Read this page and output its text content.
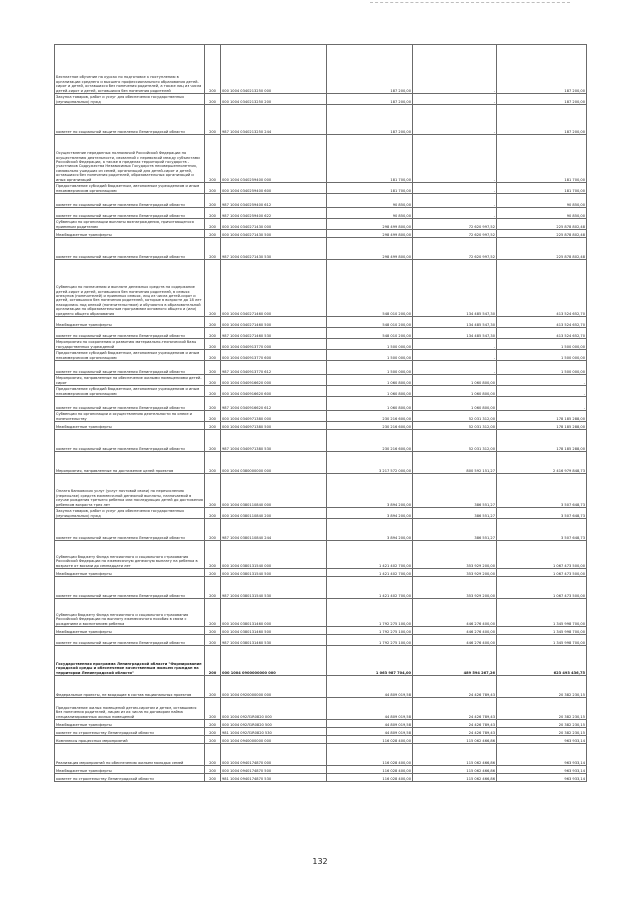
Бесплатное обучение на курсах по подготовке к поступлению в организации среднего и высшего профессионального образования детей-сирот и детей, оставшихся без попечения родителей, а также лиц из числа детей-сирот и детей, оставшихся без попечения родителей	200	000 1004 0340213250 000	187 200,00	-	187 200,00
Закупка товаров, работ и услуг для обеспечения государственных (муниципальных) нужд	200	000 1004 0340213250 200	187 200,00	-	187 200,00
комитет по социальной защите населения Ленинградской области	200	987 1004 0340213250 244	187 200,00	-	187 200,00
Осуществление переданных полномочий Российской Федерации по осуществлению деятельности, связанной с перевозкой между субъектами Российской Федерации, а также в пределах территорий государств - участников Содружества Независимых Государств несовершеннолетних, самовольно ушедших из семей, организаций для детей-сирот и детей, оставшихся без попечения родителей, образовательных организаций и иных организаций	200	000 1004 0340259400 000	181 700,00	-	181 700,00
Предоставление субсидий бюджетным, автономным учреждениям и иным некоммерческим организациям	200	000 1004 0340259400 600	181 700,00	-	181 700,00
комитет по социальной защите населения Ленинградской области	200	987 1004 0340259400 612	90 850,00	-	90 850,00
комитет по социальной защите населения Ленинградской области	200	987 1004 0340259400 622	90 850,00	-	90 850,00
Субвенции по организации выплаты вознаграждения, причитающегося приемным родителям	200	000 1004 0340271430 000	298 499 800,00	72 620 997,52	225 878 802,48
Межбюджетные трансферты	200	000 1004 0340271430 500	298 499 800,00	72 620 997,52	225 878 802,48
комитет по социальной защите населения Ленинградской области	200	987 1004 0340271430 530	298 499 800,00	72 620 997,52	225 878 802,48
Субвенции по назначению и выплате денежных средств на содержание детей-сирот и детей, оставшихся без попечения родителей, в семьях опекунов (попечителей) и приемных семьях, лиц из числа детей-сирот и детей, оставшихся без попечения родителей, которые в возрасте до 18 лет находились под опекой (попечительством) и обучаются в образовательной организации по образовательным программам основного общего и (или) среднего общего образования	200	000 1004 0340271460 000	548 010 200,00	134 485 547,30	413 524 652,70
Межбюджетные трансферты	200	000 1004 0340271460 500	548 010 200,00	134 485 547,30	413 524 652,70
комитет по социальной защите населения Ленинградской области	200	987 1004 0340271460 530	548 010 200,00	134 485 547,30	413 524 652,70
Мероприятия по сохранению и развитию материально-технической базы государственных учреждений	200	000 1004 0340913770 000	1 500 000,00	-	1 500 000,00
Предоставление субсидий бюджетным, автономным учреждениям и иным некоммерческим организациям	200	000 1004 0340913770 600	1 500 000,00	-	1 500 000,00
комитет по социальной защите населения Ленинградской области	200	987 1004 0340913770 612	1 500 000,00	-	1 500 000,00
Мероприятия, направленные на обеспечение жилыми помещениями детей-сирот	200	000 1004 0340916620 000	1 060 800,00	1 060 800,00	-
Предоставление субсидий бюджетным, автономным учреждениям и иным некоммерческим организациям	200	000 1004 0340916620 600	1 060 800,00	1 060 800,00	-
комитет по социальной защите населения Ленинградской области	200	987 1004 0340916620 612	1 060 800,00	1 060 800,00	-
Субвенции по организации и осуществлению деятельности по опеке и попечительству	200	000 1004 0340971380 000	230 216 600,00	52 031 312,00	178 185 288,00
Межбюджетные трансферты	200	000 1004 0340971380 500	230 216 600,00	52 031 312,00	178 185 288,00
комитет по социальной защите населения Ленинградской области	200	987 1004 0340971380 530	230 216 600,00	52 031 312,00	178 185 288,00
Мероприятия, направленные на достижение целей проектов	200	000 1004 0380000000 000	3 217 572 000,00	800 592 151,27	2 416 979 848,73
Оплата банковских услуг (услуг почтовой связи) по перечислению (пересылке) средств ежемесячной денежной выплаты, назначаемой в случае рождения третьего ребенка или последующих детей до достижения ребенком возраста трех лет	200	000 1004 0380110840 000	3 894 200,00	386 551,27	3 507 648,73
Закупка товаров, работ и услуг для обеспечения государственных (муниципальных) нужд	200	000 1004 0380110840 200	3 894 200,00	386 551,27	3 507 648,73
комитет по социальной защите населения Ленинградской области	200	987 1004 0380110840 244	3 894 200,00	386 551,27	3 507 648,73
Субвенции бюджету Фонда пенсионного и социального страхования Российской Федерации на ежемесячную денежную выплату на ребенка в возрасте от восьми до семнадцати лет	200	000 1004 0380131540 000	1 421 402 700,00	353 929 200,00	1 067 473 500,00
Межбюджетные трансферты	200	000 1004 0380131540 500	1 421 402 700,00	353 929 200,00	1 067 473 500,00
комитет по социальной защите населения Ленинградской области	200	987 1004 0380131540 530	1 421 402 700,00	353 929 200,00	1 067 473 500,00
Субвенции бюджету Фонда пенсионного и социального страхования Российской Федерации на выплату ежемесячного пособия в связи с рождением и воспитанием ребенка	200	000 1004 0380131460 000	1 792 275 100,00	446 276 400,00	1 345 998 700,00
Межбюджетные трансферты	200	000 1004 0380131460 500	1 792 275 100,00	446 276 400,00	1 345 998 700,00
комитет по социальной защите населения Ленинградской области	200	987 1004 0380131460 530	1 792 275 100,00	446 276 400,00	1 345 998 700,00
Государственная программа Ленинградской области "Формирование городской среды и обеспечение качественным жильем граждан на территории Ленинградской области"	200	000 1004 0900000000 000	1 063 987 704,00	489 594 267,26	623 493 436,75
Федеральные проекты, не входящие в состав национальных проектов	200	000 1004 0920000000 000	44 809 019,58	24 426 789,43	20 382 230,15
Предоставление жилых помещений детям-сиротам и детям, оставшимся без попечения родителей, лицам из их числа по договорам найма специализированных жилых помещений	200	000 1004 092Л1R0820 000	44 809 019,58	24 426 789,43	20 382 230,15
Межбюджетные трансферты	200	000 1004 092Л1R0820 500	44 809 019,58	24 426 789,43	20 382 230,15
комитет по строительству Ленинградской области	200	981 1004 092Л1R0820 530	44 809 019,58	24 426 789,43	20 382 230,15
Комплексы процессных мероприятий	200	000 1004 0940000000 000	116 028 400,00	115 062 466,86	963 933,14
Реализация мероприятий по обеспечению жильем молодых семей	200	000 1004 0940174870 000	116 028 400,00	115 062 466,86	963 933,14
Межбюджетные трансферты	200	000 1004 0940174870 500	116 028 400,00	115 062 466,86	963 933,14
комитет по строительству Ленинградской области	200	981 1004 0940174870 530	116 028 400,00	115 062 466,86	963 933,14
132
